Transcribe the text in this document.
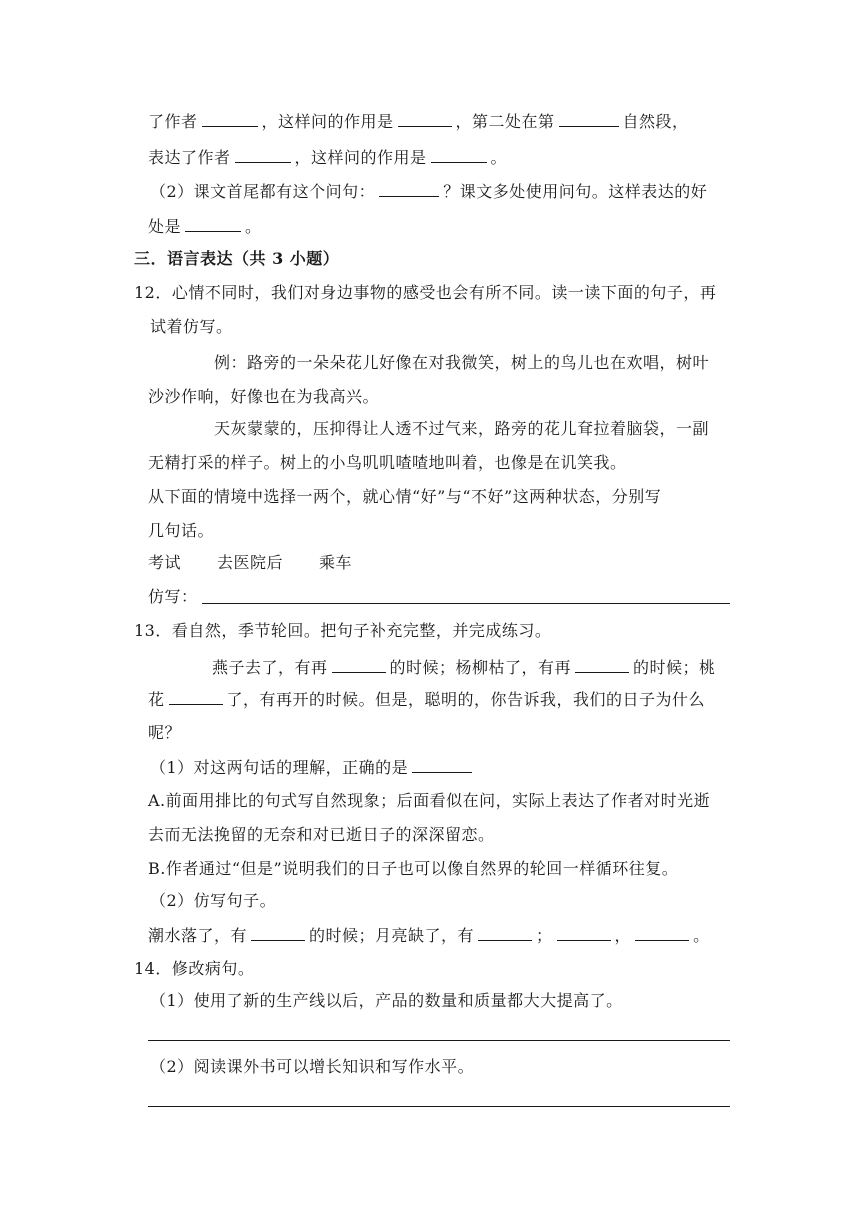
了作者	，这样问的作用是	，第二处在第	自然段，
表达了作者	，这样问的作用是	。
（2）课文首尾都有这个问句：	？课文多处使用问句。这样表达的好
处是	。
三．语言表达（共 3 小题）
12．心情不同时，我们对身边事物的感受也会有所不同。读一读下面的句子，再
试着仿写。
例：路旁的一朵朵花儿好像在对我微笑，树上的鸟儿也在欢唱，树叶
沙沙作响，好像也在为我高兴。
天灰蒙蒙的，压抑得让人透不过气来，路旁的花儿耷拉着脑袋，一副
无精打采的样子。树上的小鸟叽叽喳喳地叫着，也像是在讥笑我。
从下面的情境中选择一两个，就心情“好”与“不好”这两种状态，分别写
几句话。
考试 去医院后 乘车
仿写：
13．看自然，季节轮回。把句子补充完整，并完成练习。
燕子去了，有再	的时候；杨柳枯了，有再	的时候；桃
花	了，有再开的时候。但是，聪明的，你告诉我，我们的日子为什么
呢？
（1）对这两句话的理解，正确的是
A.前面用排比的句式写自然现象；后面看似在问，实际上表达了作者对时光逝
去而无法挽留的无奈和对已逝日子的深深留恋。
B.作者通过“但是”说明我们的日子也可以像自然界的轮回一样循环往复。
（2）仿写句子。
潮水落了，有	的时候；月亮缺了，有	；	，	。
14．修改病句。
（1）使用了新的生产线以后，产品的数量和质量都大大提高了。
（2）阅读课外书可以增长知识和写作水平。
